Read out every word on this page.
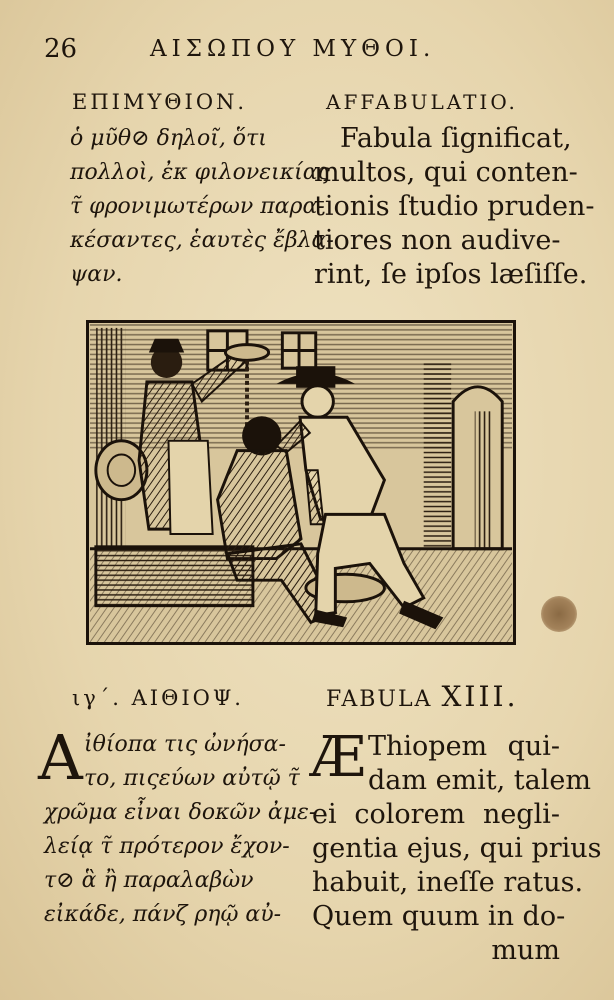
26	ΑΙΣΩΠΟΥ ΜΥΘΟΙ.
ΕΠΙΜΥΘΙΟΝ.
ὁ μῦθ⊘ δηλοῖ, ὅτι
πολλοὶ, ἐκ φιλονεικίας
τ̃ φρονιμωτέρων παρα-
κέσαντες, ἑαυτὲς ἔβλα-
ψαν.
AFFABULATIO.
Fabula ſignificat,
multos, qui conten-
tionis ſtudio pruden-
tiores non audive-
rint, ſe ipſos læſiſſe.
ιγ΄. ΑΙΘΙΟΨ.
A ἰθίοπα τις ὠνήσα-
το, πιςεύων αὐτῷ τ̃
χρῶμα εἶναι δοκῶν ἀμε-
λείᾳ τ̃ πρότερον ἔχον-
τ⊘ ἃ ἢ παραλαβὼν
εἰκάδε, πάνζ ρηῷ αὐ-
FABULA XIII.
Æ Thiopem qui-
dam emit, talem
ei colorem negli-
gentia ejus, qui prius
habuit, ineſſe ratus.
Quem quum in do-
mum
